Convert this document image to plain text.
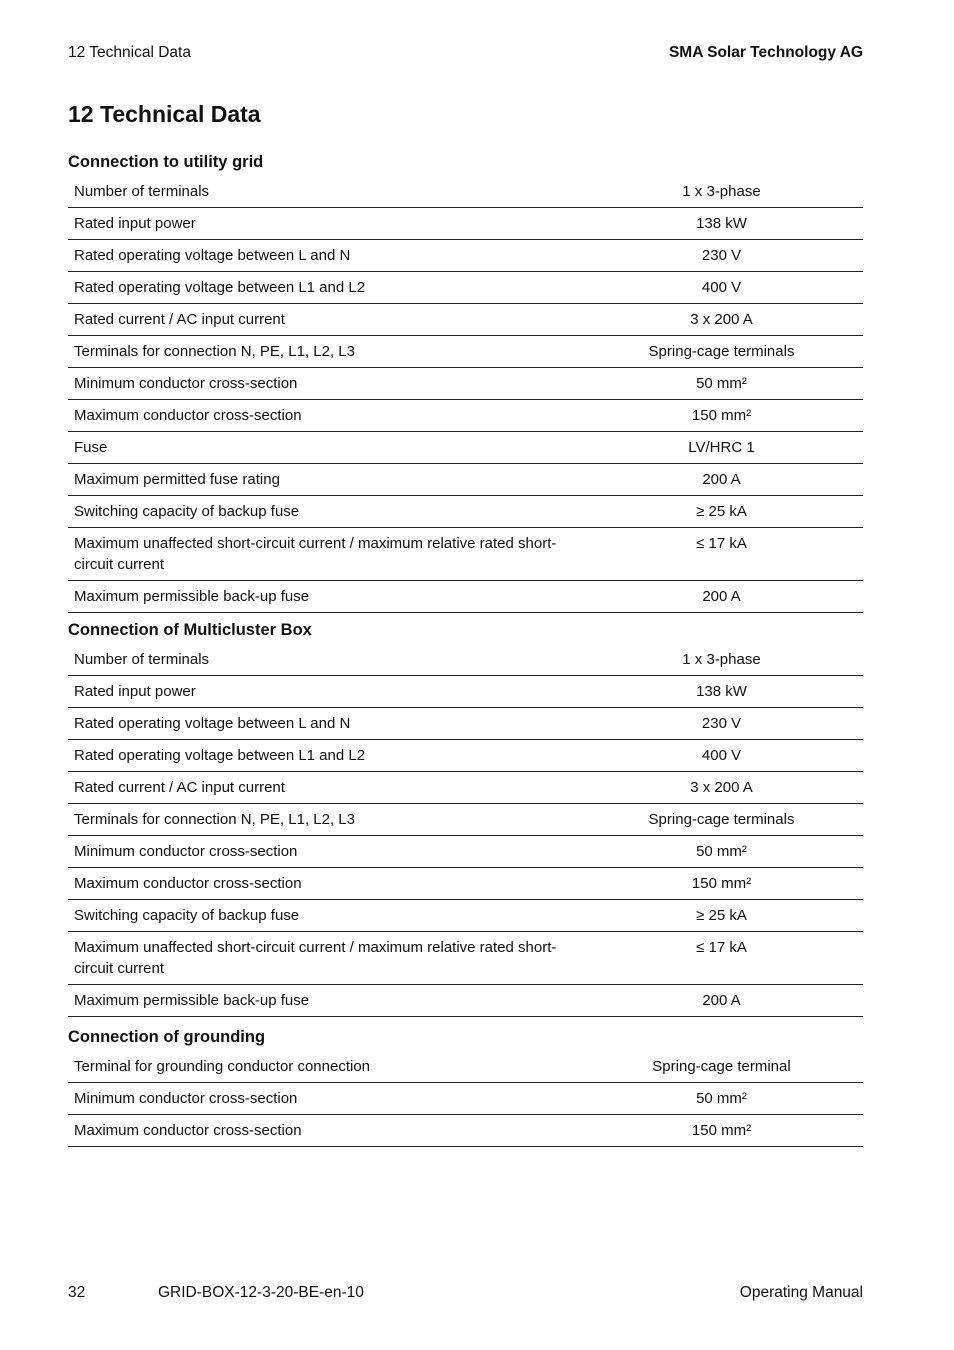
12 Technical Data	SMA Solar Technology AG
12 Technical Data
Connection to utility grid
Number of terminals	1 x 3-phase
Rated input power	138 kW
Rated operating voltage between L and N	230 V
Rated operating voltage between L1 and L2	400 V
Rated current / AC input current	3 x 200 A
Terminals for connection N, PE, L1, L2, L3	Spring-cage terminals
Minimum conductor cross-section	50 mm²
Maximum conductor cross-section	150 mm²
Fuse	LV/HRC 1
Maximum permitted fuse rating	200 A
Switching capacity of backup fuse	≥ 25 kA
Maximum unaffected short-circuit current / maximum relative rated short-circuit current	≤ 17 kA
Maximum permissible back-up fuse	200 A
Connection of Multicluster Box
Number of terminals	1 x 3-phase
Rated input power	138 kW
Rated operating voltage between L and N	230 V
Rated operating voltage between L1 and L2	400 V
Rated current / AC input current	3 x 200 A
Terminals for connection N, PE, L1, L2, L3	Spring-cage terminals
Minimum conductor cross-section	50 mm²
Maximum conductor cross-section	150 mm²
Switching capacity of backup fuse	≥ 25 kA
Maximum unaffected short-circuit current / maximum relative rated short-circuit current	≤ 17 kA
Maximum permissible back-up fuse	200 A
Connection of grounding
Terminal for grounding conductor connection	Spring-cage terminal
Minimum conductor cross-section	50 mm²
Maximum conductor cross-section	150 mm²
32	GRID-BOX-12-3-20-BE-en-10	Operating Manual
